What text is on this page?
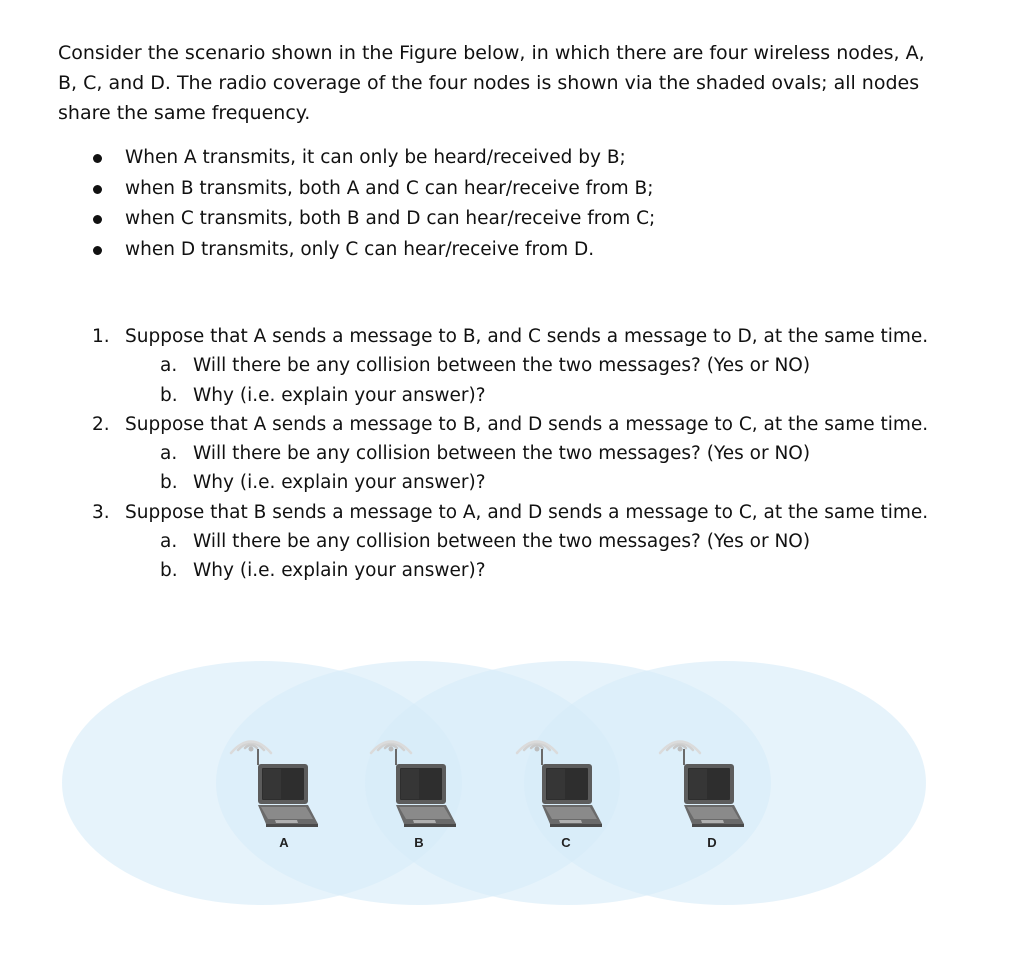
Consider the scenario shown in the Figure below, in which there are four wireless nodes, A, B, C, and D. The radio coverage of the four nodes is shown via the shaded ovals; all nodes share the same frequency.

When A transmits, it can only be heard/received by B;
when B transmits, both A and C can hear/receive from B;
when C transmits, both B and D can hear/receive from C;
when D transmits, only C can hear/receive from D.
1. Suppose that A sends a message to B, and C sends a message to D, at the same time.
a. Will there be any collision between the two messages? (Yes or NO)
b. Why (i.e. explain your answer)?
2. Suppose that A sends a message to B, and D sends a message to C, at the same time.
a. Will there be any collision between the two messages? (Yes or NO)
b. Why (i.e. explain your answer)?
3. Suppose that B sends a message to A, and D sends a message to C, at the same time.
a. Will there be any collision between the two messages? (Yes or NO)
b. Why (i.e. explain your answer)?
A	B	C	D
